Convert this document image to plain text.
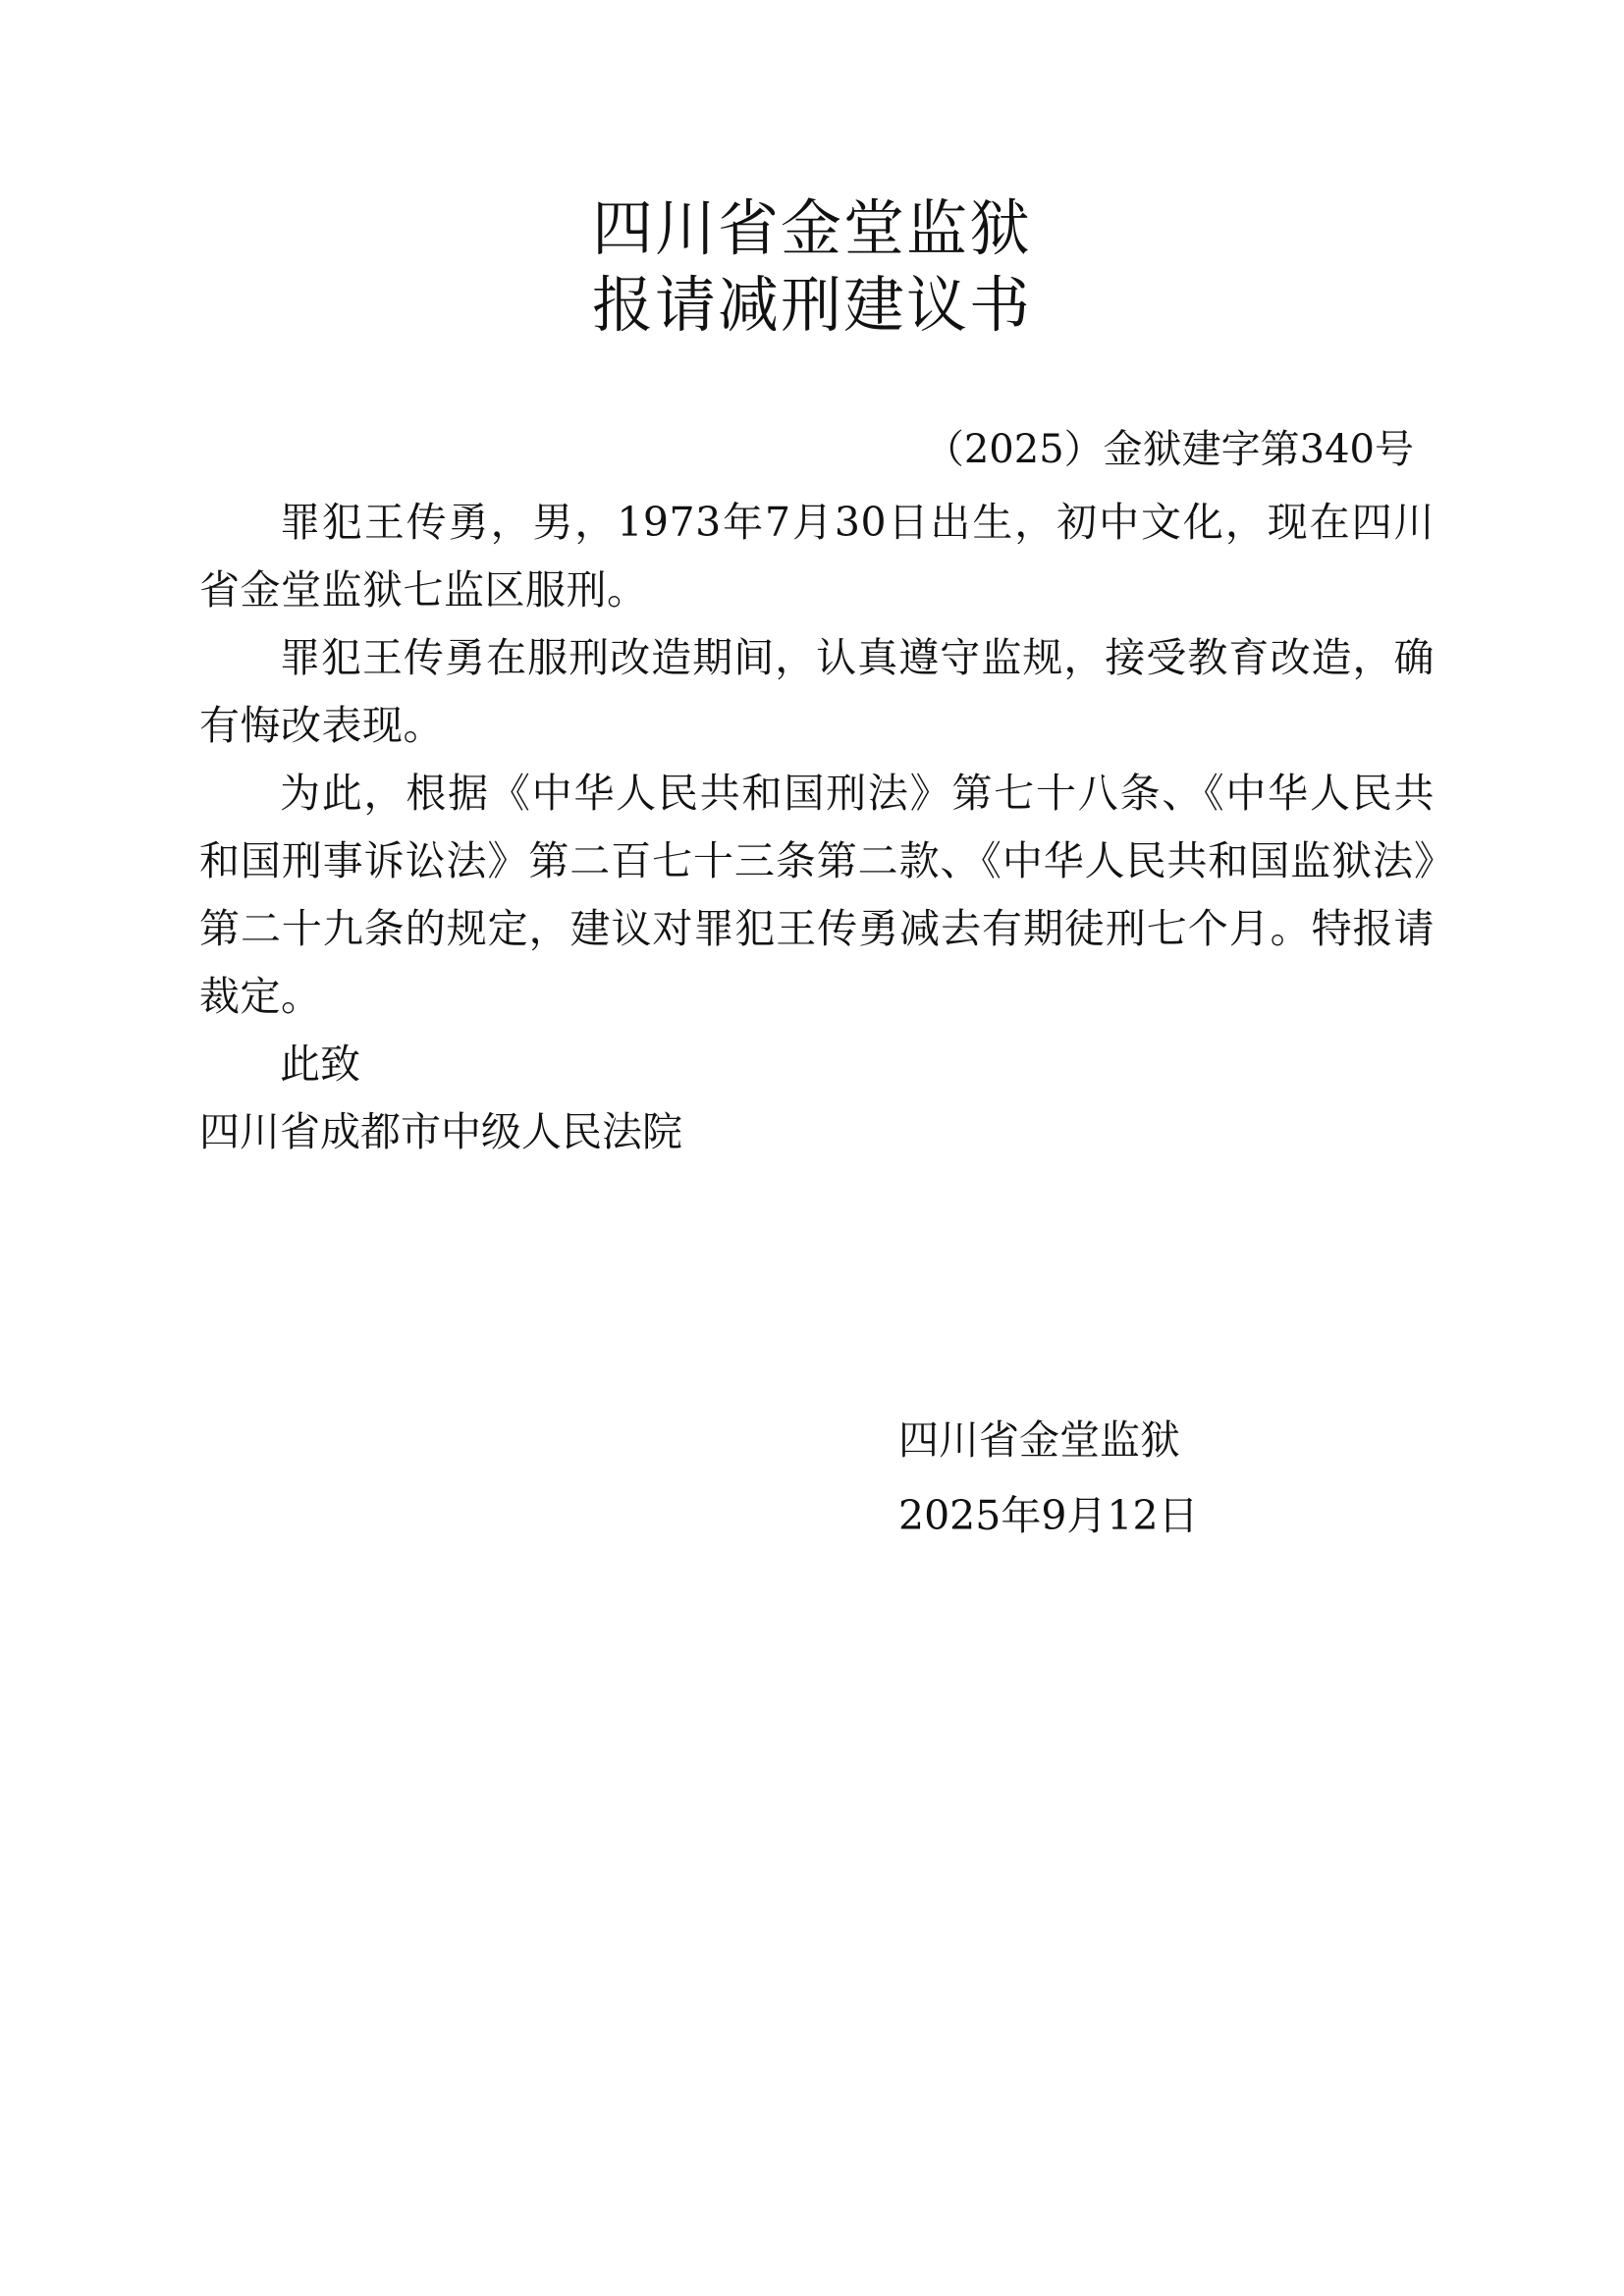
四川省金堂监狱
报请减刑建议书
（2025）金狱建字第340号

罪犯王传勇，男，1973年7月30日出生，初中文化，现在四川省金堂监狱七监区服刑。

罪犯王传勇在服刑改造期间，认真遵守监规，接受教育改造，确有悔改表现。

为此，根据《中华人民共和国刑法》第七十八条、《中华人民共和国刑事诉讼法》第二百七十三条第二款、《中华人民共和国监狱法》第二十九条的规定，建议对罪犯王传勇减去有期徒刑七个月。特报请裁定。

此致
四川省成都市中级人民法院
四川省金堂监狱
2025年9月12日
